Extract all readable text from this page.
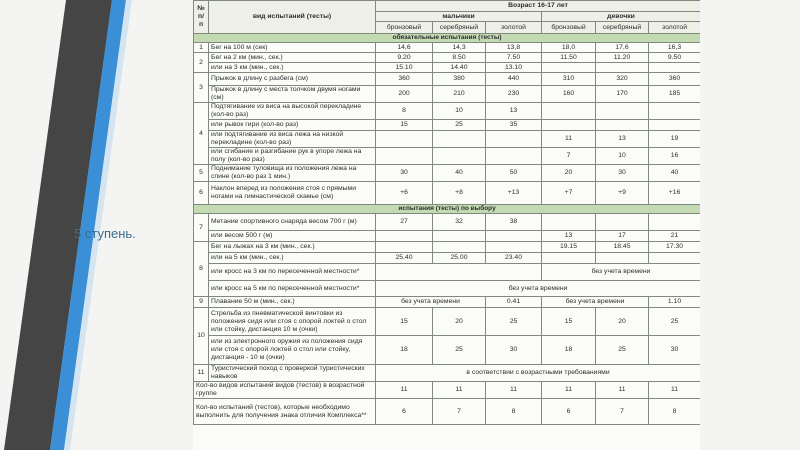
5 ступень.
№
п/п	вид испытаний (тесты)	Возраст 16-17 лет					
		мальчики			девочки		
		бронзовый	серебряный	золотой	бронзовый	серебряный	золотой
обязательные испытания (тесты)							
1	Бег на 100 м (сек)	14,6	14,3	13,8	18,0	17,6	16,3
2	Бег на 2 км (мин., сек.)	9.20	8.50	7.50	11.50	11.20	9.50
	или на 3 км (мин., сек.)	15.10	14.40	13.10			
3	Прыжок в длину с разбега (см)	360	380	440	310	320	360
	Прыжок в длину с места толчком двумя ногами (см)	200	210	230	160	170	185
4	Подтягивание из виса на высокой перекладине (кол-во раз)	8	10	13			
	или рывок гири (кол-во раз)	15	25	35			
	или подтягивание из виса лежа на низкой перекладине (кол-во раз)				11	13	19
	или сгибание и разгибание рук в упоре лежа на полу (кол-во раз)				7	10	16
5	Поднимание туловища из положения лежа на спине (кол-во раз 1 мин.)	30	40	50	20	30	40
6	Наклон вперед из положения стоя с прямыми ногами на гимнастической скамье (см)	+6	+8	+13	+7	+9	+16
испытания (тесты) по выбору							
7	Метание спортивного снаряда весом 700 г (м)	27	32	38			
	или весом 500 г (м)				13	17	21
8	Бег на лыжах на 3 км (мин., сек.)				19.15	18.45	17.30
	или на 5 км (мин., сек.)	25.40	25.00	23.40			
	или кросс на 3 км по пересеченной местности*				без учета времени		
	или кросс на 5 км по пересеченной местности*	без учета времени					
9	Плавание 50 м (мин., сек.)	без учета времени		0.41	без учета времени		1.10
10	Стрельба из пневматической винтовки из положения сидя или стоя с опорой локтей о стол или стойку, дистанция 10 м (очки)	15	20	25	15	20	25
	или из электронного оружия из положения сидя или стоя с опорой локтей о стол или стойку, дистанция - 10 м (очки)	18	25	30	18	25	30
11	Туристический поход с проверкой туристических навыков	в соответствии с возрастными требованиями					
Кол-во видов испытаний видов (тестов) в возрастной группе		11	11	11	11	11	11
Кол-во испытаний (тестов), которые необходимо выполнить для получения знака отличия Комплекса**		6	7	8	6	7	8
